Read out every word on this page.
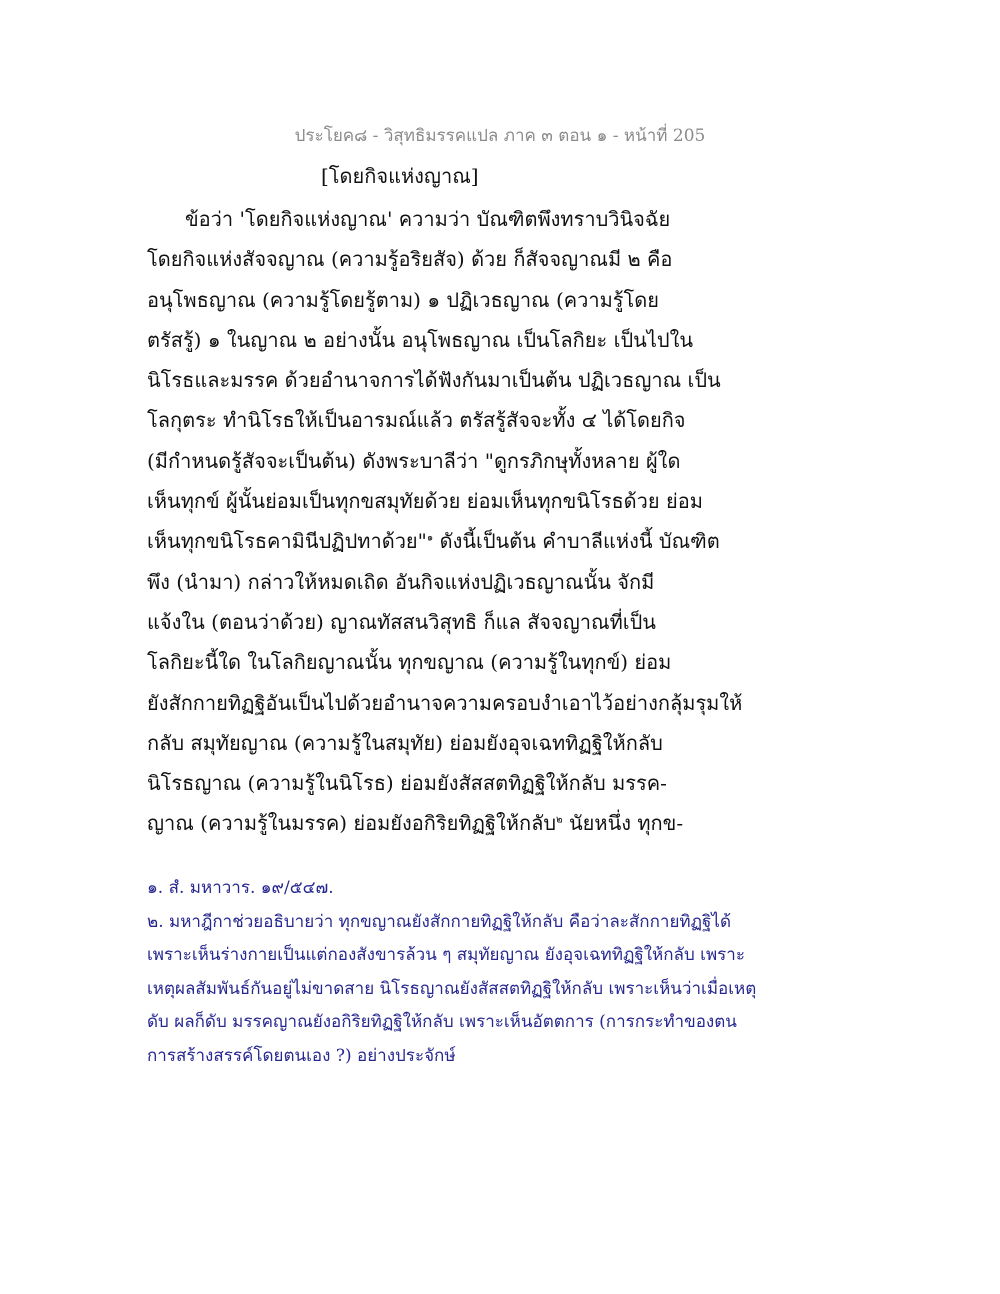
ประโยค๘ - วิสุทธิมรรคแปล ภาค ๓ ตอน ๑ - หน้าที่ 205
[โดยกิจแห่งญาณ]
ข้อว่า 'โดยกิจแห่งญาณ' ความว่า บัณฑิตพึงทราบวินิจฉัย
โดยกิจแห่งสัจจญาณ (ความรู้อริยสัจ) ด้วย ก็สัจจญาณมี ๒ คือ
อนุโพธญาณ (ความรู้โดยรู้ตาม) ๑ ปฏิเวธญาณ (ความรู้โดย
ตรัสรู้) ๑ ในญาณ ๒ อย่างนั้น อนุโพธญาณ เป็นโลกิยะ เป็นไปใน
นิโรธและมรรค ด้วยอำนาจการได้ฟังกันมาเป็นต้น ปฏิเวธญาณ เป็น
โลกุตระ ทำนิโรธให้เป็นอารมณ์แล้ว ตรัสรู้สัจจะทั้ง ๔ ได้โดยกิจ
(มีกำหนดรู้สัจจะเป็นต้น) ดังพระบาลีว่า "ดูกรภิกษุทั้งหลาย ผู้ใด
เห็นทุกข์ ผู้นั้นย่อมเป็นทุกขสมุทัยด้วย ย่อมเห็นทุกขนิโรธด้วย ย่อม
เห็นทุกขนิโรธคามินีปฏิปทาด้วย"$^๑$ ดังนี้เป็นต้น คำบาลีแห่งนี้ บัณฑิต
พึง (นำมา) กล่าวให้หมดเถิด อันกิจแห่งปฏิเวธญาณนั้น จักมี
แจ้งใน (ตอนว่าด้วย) ญาณทัสสนวิสุทธิ ก็แล สัจจญาณที่เป็น
โลกิยะนี้ใด ในโลกิยญาณนั้น ทุกขญาณ (ความรู้ในทุกข์) ย่อม
ยังสักกายทิฏฐิอันเป็นไปด้วยอำนาจความครอบงำเอาไว้อย่างกลุ้มรุมให้
กลับ สมุทัยญาณ (ความรู้ในสมุทัย) ย่อมยังอุจเฉททิฏฐิให้กลับ
นิโรธญาณ (ความรู้ในนิโรธ) ย่อมยังสัสสตทิฏฐิให้กลับ มรรค-
ญาณ (ความรู้ในมรรค) ย่อมยังอกิริยทิฏฐิให้กลับ$^๒$ นัยหนึ่ง ทุกข-
๑. สํ. มหาวาร. ๑๙/๕๔๗.
๒. มหาฎีกาช่วยอธิบายว่า ทุกขญาณยังสักกายทิฏฐิให้กลับ คือว่าละสักกายทิฏฐิได้
เพราะเห็นร่างกายเป็นแต่กองสังขารล้วน ๆ สมุทัยญาณ ยังอุจเฉททิฏฐิให้กลับ เพราะ
เหตุผลสัมพันธ์กันอยู่ไม่ขาดสาย นิโรธญาณยังสัสสตทิฏฐิให้กลับ เพราะเห็นว่าเมื่อเหตุ
ดับ ผลก็ดับ มรรคญาณยังอกิริยทิฏฐิให้กลับ เพราะเห็นอัตตการ (การกระทำของตน
การสร้างสรรค์โดยตนเอง ?) อย่างประจักษ์
